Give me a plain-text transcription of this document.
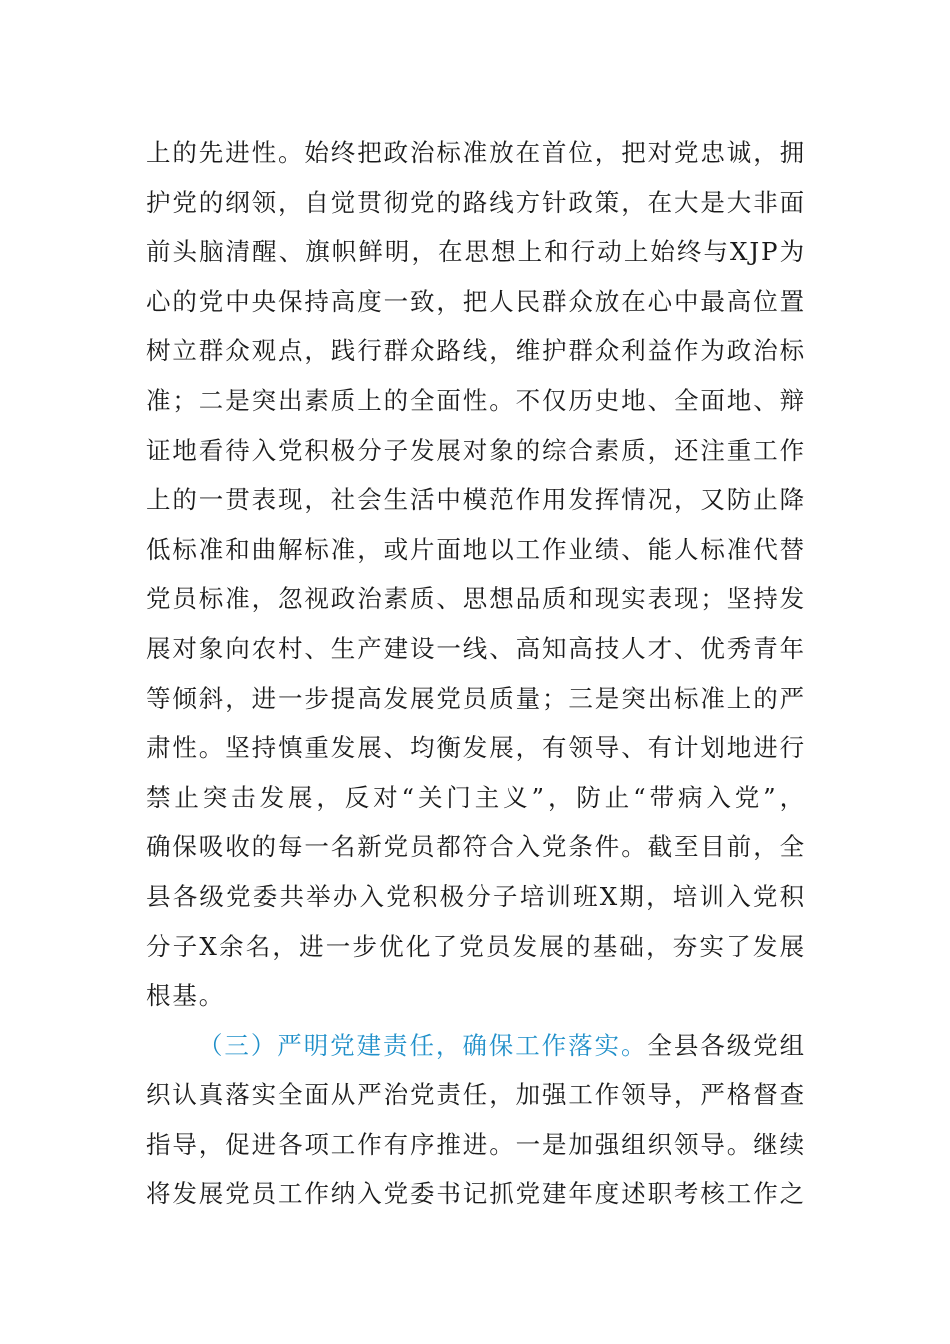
上的先进性。始终把政治标准放在首位，把对党忠诚，拥
护党的纲领，自觉贯彻党的路线方针政策，在大是大非面
前头脑清醒、旗帜鲜明，在思想上和行动上始终与XJP为
心的党中央保持高度一致，把人民群众放在心中最高位置
树立群众观点，践行群众路线，维护群众利益作为政治标
准；二是突出素质上的全面性。不仅历史地、全面地、辩
证地看待入党积极分子发展对象的综合素质，还注重工作
上的一贯表现，社会生活中模范作用发挥情况，又防止降
低标准和曲解标准，或片面地以工作业绩、能人标准代替
党员标准，忽视政治素质、思想品质和现实表现；坚持发
展对象向农村、生产建设一线、高知高技人才、优秀青年
等倾斜，进一步提高发展党员质量；三是突出标准上的严
肃性。坚持慎重发展、均衡发展，有领导、有计划地进行
禁止突击发展，反对“关门主义”，防止“带病入党”，
确保吸收的每一名新党员都符合入党条件。截至目前，全
县各级党委共举办入党积极分子培训班X期，培训入党积
分子X余名，进一步优化了党员发展的基础，夯实了发展
根基。
（三）严明党建责任，确保工作落实。全县各级党组
织认真落实全面从严治党责任，加强工作领导，严格督查
指导，促进各项工作有序推进。一是加强组织领导。继续
将发展党员工作纳入党委书记抓党建年度述职考核工作之
